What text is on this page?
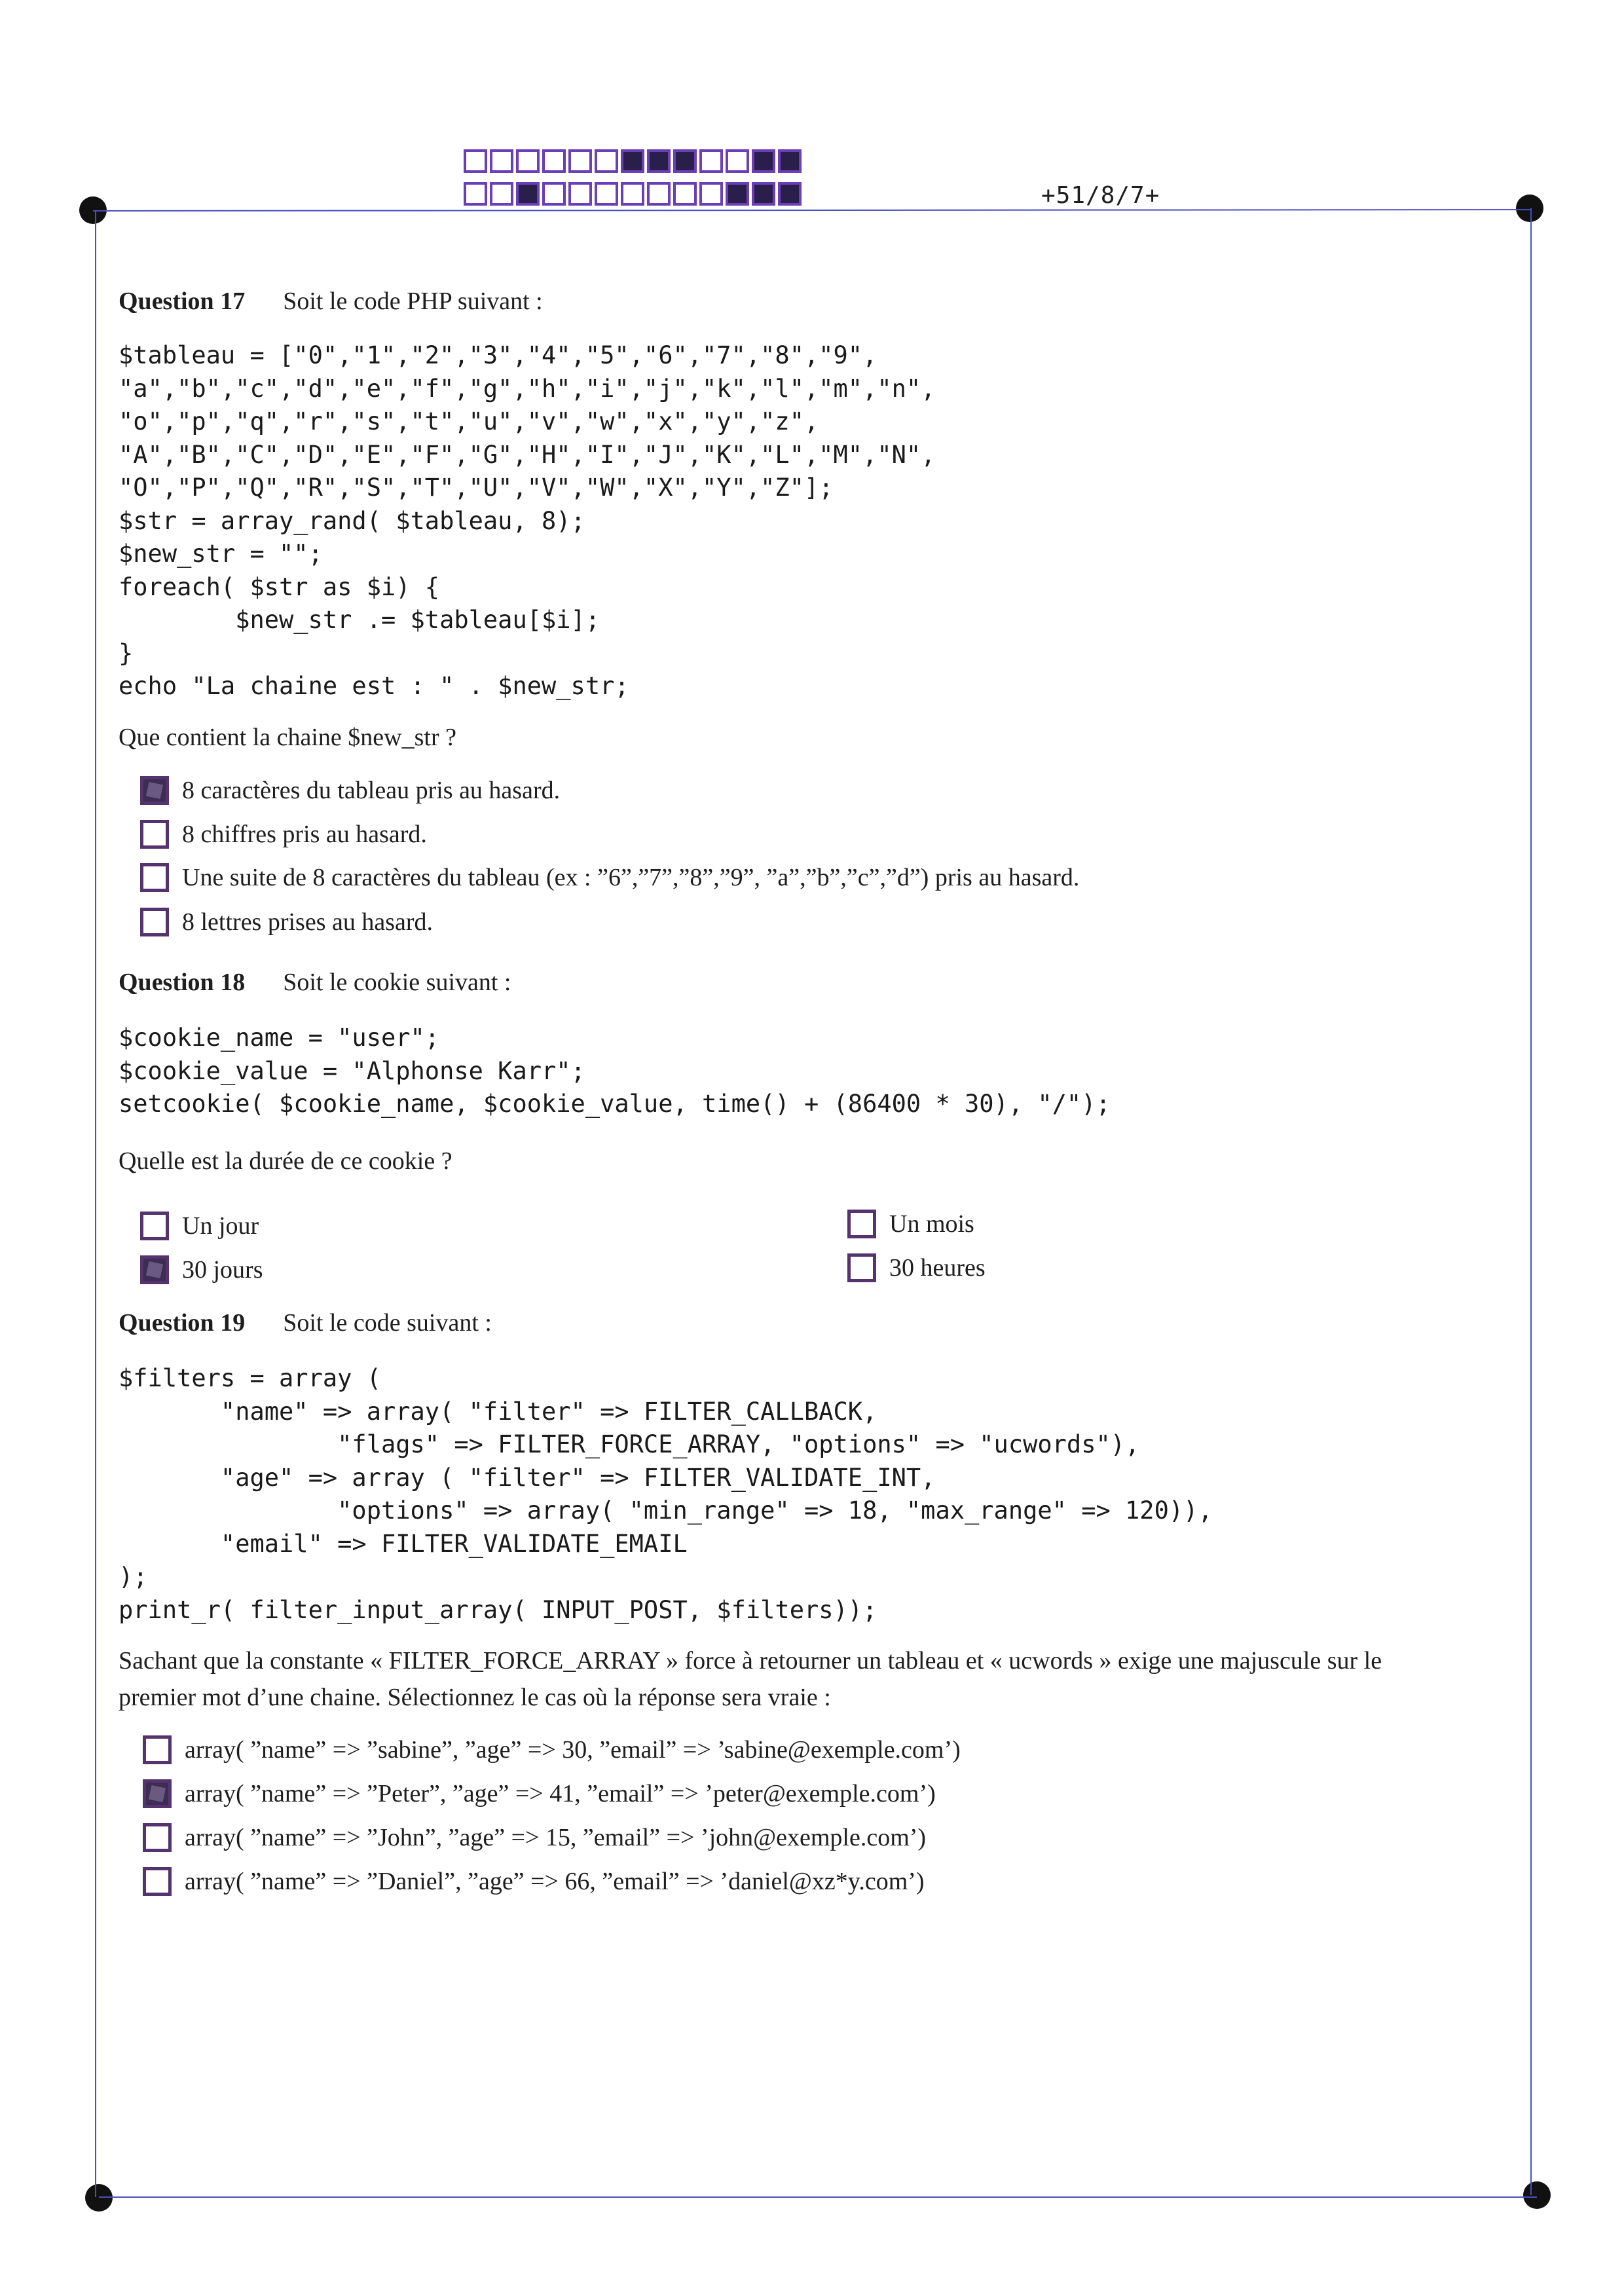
+51/8/7+
Question 17 Soit le code PHP suivant :
$tableau = ["0","1","2","3","4","5","6","7","8","9",
"a","b","c","d","e","f","g","h","i","j","k","l","m","n",
"o","p","q","r","s","t","u","v","w","x","y","z",
"A","B","C","D","E","F","G","H","I","J","K","L","M","N",
"O","P","Q","R","S","T","U","V","W","X","Y","Z"];
$str = array_rand( $tableau, 8);
$new_str = "";
foreach( $str as $i) {
$new_str .= $tableau[$i];
}
echo "La chaine est : " . $new_str;
Que contient la chaine $new_str ?
8 caractères du tableau pris au hasard.
8 chiffres pris au hasard.
Une suite de 8 caractères du tableau (ex : ”6”,”7”,”8”,”9”, ”a”,”b”,”c”,”d”) pris au hasard.
8 lettres prises au hasard.
Question 18 Soit le cookie suivant :
$cookie_name = "user";
$cookie_value = "Alphonse Karr";
setcookie( $cookie_name, $cookie_value, time() + (86400 * 30), "/");
Quelle est la durée de ce cookie ?
Un jour
30 jours
Un mois
30 heures
Question 19 Soit le code suivant :
$filters = array (
"name" => array( "filter" => FILTER_CALLBACK,
"flags" => FILTER_FORCE_ARRAY, "options" => "ucwords"),
"age" => array ( "filter" => FILTER_VALIDATE_INT,
"options" => array( "min_range" => 18, "max_range" => 120)),
"email" => FILTER_VALIDATE_EMAIL
);
print_r( filter_input_array( INPUT_POST, $filters));
Sachant que la constante « FILTER_FORCE_ARRAY » force à retourner un tableau et « ucwords » exige une majuscule sur le
premier mot d’une chaine. Sélectionnez le cas où la réponse sera vraie :
array( ”name” => ”sabine”, ”age” => 30, ”email” => ’sabine@exemple.com’)
array( ”name” => ”Peter”, ”age” => 41, ”email” => ’peter@exemple.com’)
array( ”name” => ”John”, ”age” => 15, ”email” => ’john@exemple.com’)
array( ”name” => ”Daniel”, ”age” => 66, ”email” => ’daniel@xz*y.com’)
